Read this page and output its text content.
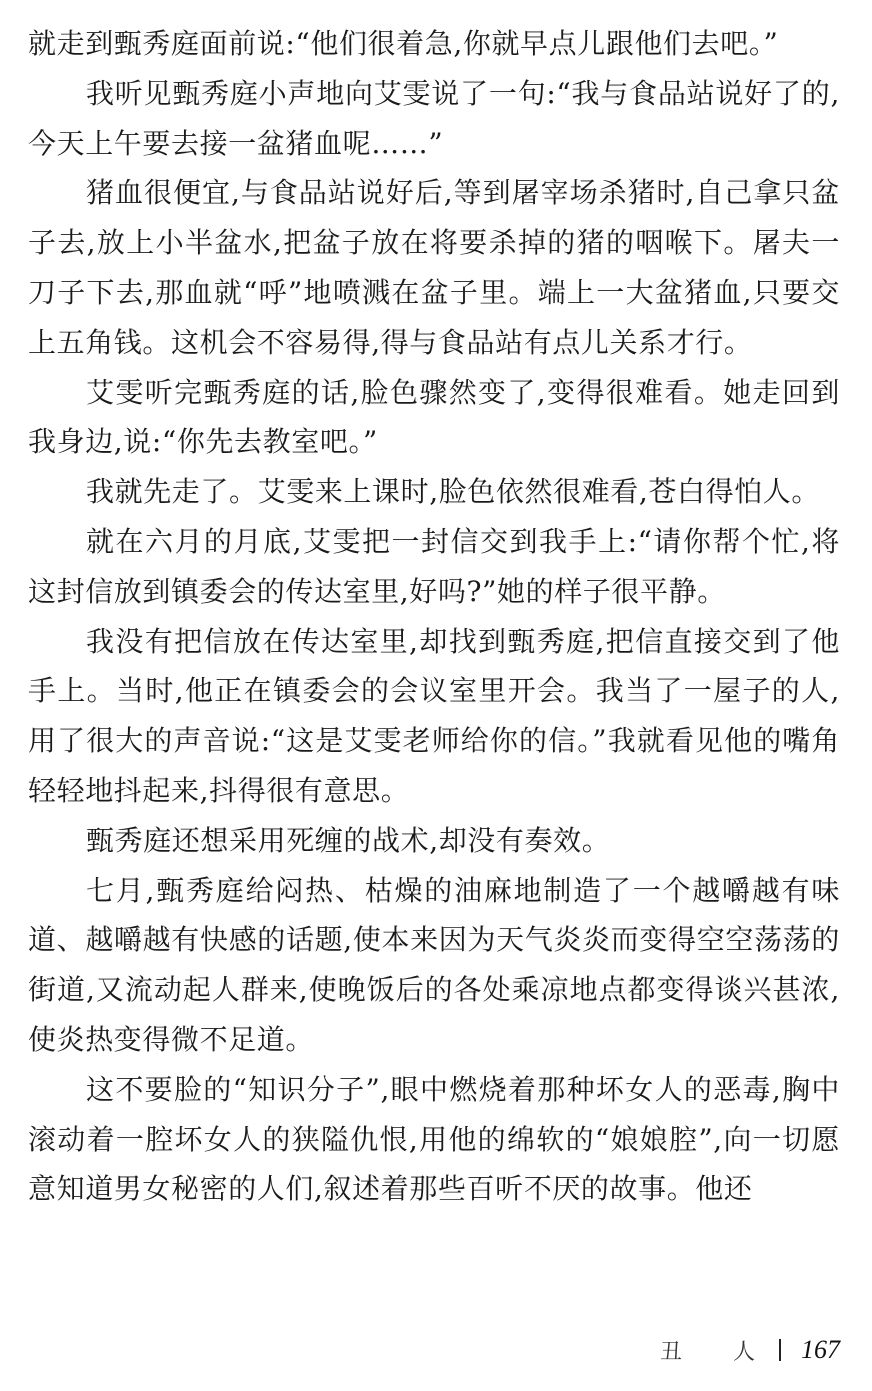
就走到甄秀庭面前说:“他们很着急,你就早点儿跟他们去吧。”

我听见甄秀庭小声地向艾雯说了一句:“我与食品站说好了的,今天上午要去接一盆猪血呢……”

猪血很便宜,与食品站说好后,等到屠宰场杀猪时,自己拿只盆子去,放上小半盆水,把盆子放在将要杀掉的猪的咽喉下。屠夫一刀子下去,那血就“呼”地喷溅在盆子里。端上一大盆猪血,只要交上五角钱。这机会不容易得,得与食品站有点儿关系才行。

艾雯听完甄秀庭的话,脸色骤然变了,变得很难看。她走回到我身边,说:“你先去教室吧。”

我就先走了。艾雯来上课时,脸色依然很难看,苍白得怕人。

就在六月的月底,艾雯把一封信交到我手上:“请你帮个忙,将这封信放到镇委会的传达室里,好吗?”她的样子很平静。

我没有把信放在传达室里,却找到甄秀庭,把信直接交到了他手上。当时,他正在镇委会的会议室里开会。我当了一屋子的人,用了很大的声音说:“这是艾雯老师给你的信。”我就看见他的嘴角轻轻地抖起来,抖得很有意思。

甄秀庭还想采用死缠的战术,却没有奏效。

七月,甄秀庭给闷热、枯燥的油麻地制造了一个越嚼越有味道、越嚼越有快感的话题,使本来因为天气炎炎而变得空空荡荡的街道,又流动起人群来,使晚饭后的各处乘凉地点都变得谈兴甚浓,使炎热变得微不足道。

这不要脸的“知识分子”,眼中燃烧着那种坏女人的恶毒,胸中滚动着一腔坏女人的狭隘仇恨,用他的绵软的“娘娘腔”,向一切愿意知道男女秘密的人们,叙述着那些百听不厌的故事。他还

丑 人 167
